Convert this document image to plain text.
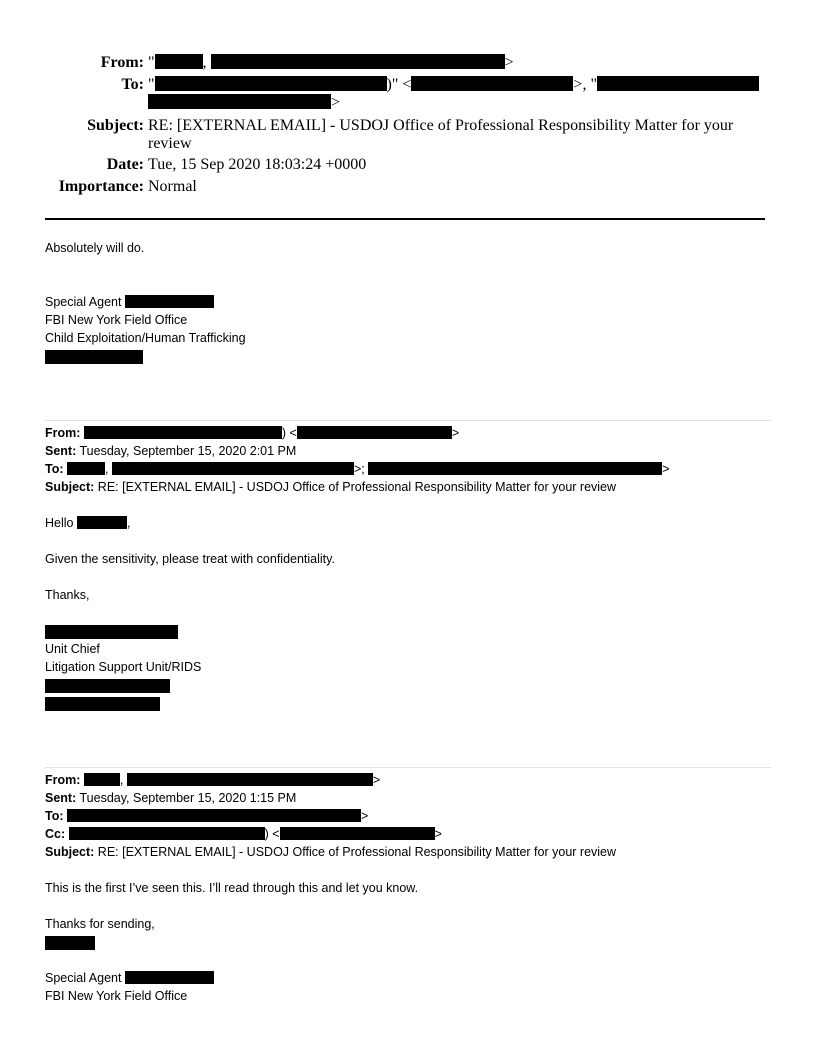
From: "	,	>
To: "	)" <	>, "
>
Subject: RE: [EXTERNAL EMAIL] - USDOJ Office of Professional Responsibility Matter for your review
Date: Tue, 15 Sep 2020 18:03:24 +0000
Importance: Normal
Absolutely will do.
Special Agent
FBI New York Field Office
Child Exploitation/Human Trafficking
From:	) <	>
Sent: Tuesday, September 15, 2020 2:01 PM
To:	,	>;	>
Subject: RE: [EXTERNAL EMAIL] - USDOJ Office of Professional Responsibility Matter for your review
Hello	,
Given the sensitivity, please treat with confidentiality.
Thanks,
Unit Chief
Litigation Support Unit/RIDS
From:	,	>
Sent: Tuesday, September 15, 2020 1:15 PM
To:	>
Cc:	) <	>
Subject: RE: [EXTERNAL EMAIL] - USDOJ Office of Professional Responsibility Matter for your review
This is the first I’ve seen this. I’ll read through this and let you know.
Thanks for sending,
Special Agent
FBI New York Field Office
